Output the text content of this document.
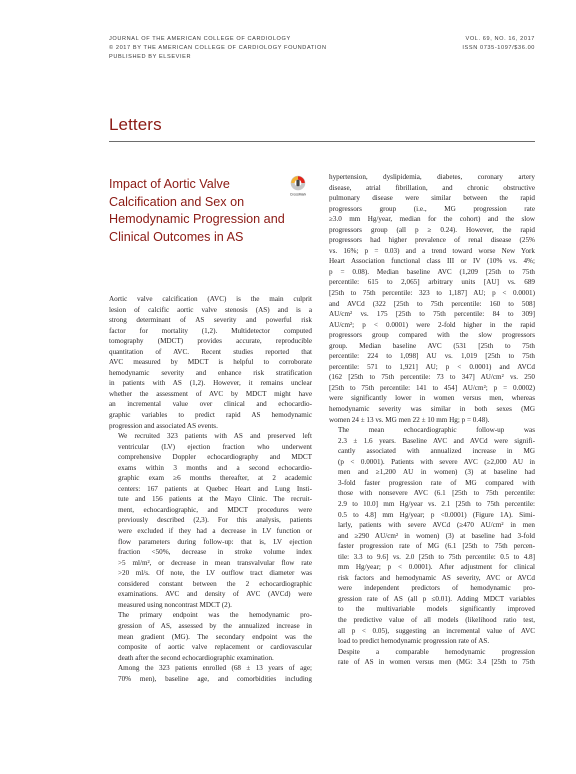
JOURNAL OF THE AMERICAN COLLEGE OF CARDIOLOGY
© 2017 BY THE AMERICAN COLLEGE OF CARDIOLOGY FOUNDATION
PUBLISHED BY ELSEVIER
VOL. 69, NO. 16, 2017
ISSN 0735-1097/$36.00
Letters
Impact of Aortic Valve Calcification and Sex on Hemodynamic Progression and Clinical Outcomes in AS
CrossMark

Aortic valve calcification (AVC) is the main culprit
lesion of calcific aortic valve stenosis (AS) and is a
strong determinant of AS severity and powerful risk
factor for mortality (1,2). Multidetector computed
tomography (MDCT) provides accurate, reproducible
quantitation of AVC. Recent studies reported that
AVC measured by MDCT is helpful to corroborate
hemodynamic severity and enhance risk stratification
in patients with AS (1,2). However, it remains unclear
whether the assessment of AVC by MDCT might have
an incremental value over clinical and echocardio-
graphic variables to predict rapid AS hemodynamic
progression and associated AS events.

We recruited 323 patients with AS and preserved left
ventricular (LV) ejection fraction who underwent
comprehensive Doppler echocardiography and MDCT
exams within 3 months and a second echocardio-
graphic exam ≥6 months thereafter, at 2 academic
centers: 167 patients at Quebec Heart and Lung Insti-
tute and 156 patients at the Mayo Clinic. The recruit-
ment, echocardiographic, and MDCT procedures were
previously described (2,3). For this analysis, patients
were excluded if they had a decrease in LV function or
flow parameters during follow-up: that is, LV ejection
fraction <50%, decrease in stroke volume index
>5 ml/m², or decrease in mean transvalvular flow rate
>20 ml/s. Of note, the LV outflow tract diameter was
considered constant between the 2 echocardiographic
examinations. AVC and density of AVC (AVCd) were
measured using noncontrast MDCT (2).

The primary endpoint was the hemodynamic pro-
gression of AS, assessed by the annualized increase in
mean gradient (MG). The secondary endpoint was the
composite of aortic valve replacement or cardiovascular
death after the second echocardiographic examination.

Among the 323 patients enrolled (68 ± 13 years of age;
70% men), baseline age, and comorbidities including

hypertension, dyslipidemia, diabetes, coronary artery
disease, atrial fibrillation, and chronic obstructive
pulmonary disease were similar between the rapid
progressors group (i.e., MG progression rate
≥3.0 mm Hg/year, median for the cohort) and the slow
progressors group (all p ≥ 0.24). However, the rapid
progressors had higher prevalence of renal disease (25%
vs. 16%; p = 0.03) and a trend toward worse New York
Heart Association functional class III or IV (10% vs. 4%;
p = 0.08). Median baseline AVC (1,209 [25th to 75th
percentile: 615 to 2,065] arbitrary units [AU] vs. 689
[25th to 75th percentile: 323 to 1,187] AU; p < 0.0001)
and AVCd (322 [25th to 75th percentile: 160 to 508]
AU/cm² vs. 175 [25th to 75th percentile: 84 to 309]
AU/cm²; p < 0.0001) were 2-fold higher in the rapid
progressors group compared with the slow progressors
group. Median baseline AVC (531 [25th to 75th
percentile: 224 to 1,098] AU vs. 1,019 [25th to 75th
percentile: 571 to 1,921] AU; p < 0.0001) and AVCd
(162 [25th to 75th percentile: 73 to 347] AU/cm² vs. 250
[25th to 75th percentile: 141 to 454] AU/cm²; p = 0.0002)
were significantly lower in women versus men, whereas
hemodynamic severity was similar in both sexes (MG
women 24 ± 13 vs. MG men 22 ± 10 mm Hg; p = 0.48).

The mean echocardiographic follow-up was
2.3 ± 1.6 years. Baseline AVC and AVCd were signifi-
cantly associated with annualized increase in MG
(p < 0.0001). Patients with severe AVC (≥2,000 AU in
men and ≥1,200 AU in women) (3) at baseline had
3-fold faster progression rate of MG compared with
those with nonsevere AVC (6.1 [25th to 75th percentile:
2.9 to 10.0] mm Hg/year vs. 2.1 [25th to 75th percentile:
0.5 to 4.8] mm Hg/year; p <0.0001) (Figure 1A). Simi-
larly, patients with severe AVCd (≥470 AU/cm² in men
and ≥290 AU/cm² in women) (3) at baseline had 3-fold
faster progression rate of MG (6.1 [25th to 75th percen-
tile: 3.3 to 9.6] vs. 2.0 [25th to 75th percentile: 0.5 to 4.8]
mm Hg/year; p < 0.0001). After adjustment for clinical
risk factors and hemodynamic AS severity, AVC or AVCd
were independent predictors of hemodynamic pro-
gression rate of AS (all p ≤0.01). Adding MDCT variables
to the multivariable models significantly improved
the predictive value of all models (likelihood ratio test,
all p < 0.05), suggesting an incremental value of AVC
load to predict hemodynamic progression rate of AS.

Despite a comparable hemodynamic progression
rate of AS in women versus men (MG: 3.4 [25th to 75th
